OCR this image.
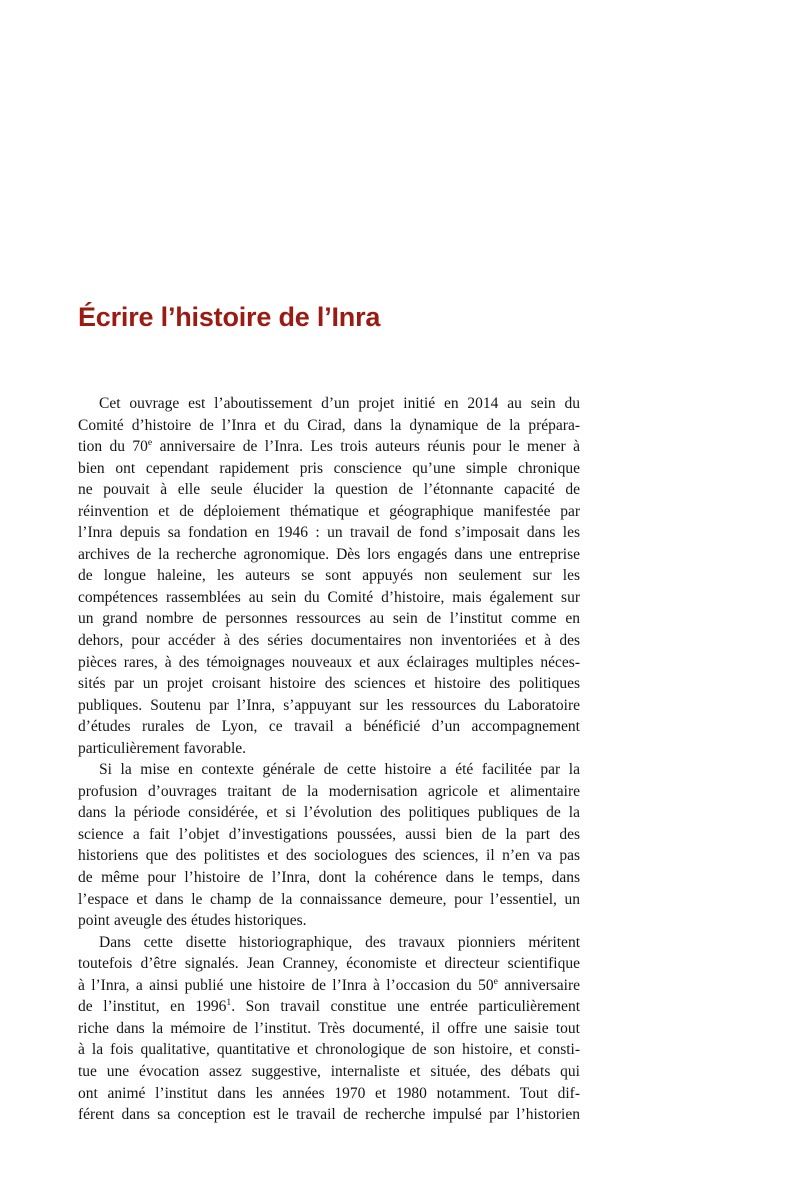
Écrire l’histoire de l’Inra
Cet ouvrage est l’aboutissement d’un projet initié en 2014 au sein du
Comité d’histoire de l’Inra et du Cirad, dans la dynamique de la prépara-
tion du 70e anniversaire de l’Inra. Les trois auteurs réunis pour le mener à
bien ont cependant rapidement pris conscience qu’une simple chronique
ne pouvait à elle seule élucider la question de l’étonnante capacité de
réinvention et de déploiement thématique et géographique manifestée par
l’Inra depuis sa fondation en 1946 : un travail de fond s’imposait dans les
archives de la recherche agronomique. Dès lors engagés dans une entreprise
de longue haleine, les auteurs se sont appuyés non seulement sur les
compétences rassemblées au sein du Comité d’histoire, mais également sur
un grand nombre de personnes ressources au sein de l’institut comme en
dehors, pour accéder à des séries documentaires non inventoriées et à des
pièces rares, à des témoignages nouveaux et aux éclairages multiples néces-
sités par un projet croisant histoire des sciences et histoire des politiques
publiques. Soutenu par l’Inra, s’appuyant sur les ressources du Laboratoire
d’études rurales de Lyon, ce travail a bénéficié d’un accompagnement
particulièrement favorable.
Si la mise en contexte générale de cette histoire a été facilitée par la
profusion d’ouvrages traitant de la modernisation agricole et alimentaire
dans la période considérée, et si l’évolution des politiques publiques de la
science a fait l’objet d’investigations poussées, aussi bien de la part des
historiens que des politistes et des sociologues des sciences, il n’en va pas
de même pour l’histoire de l’Inra, dont la cohérence dans le temps, dans
l’espace et dans le champ de la connaissance demeure, pour l’essentiel, un
point aveugle des études historiques.
Dans cette disette historiographique, des travaux pionniers méritent
toutefois d’être signalés. Jean Cranney, économiste et directeur scientifique
à l’Inra, a ainsi publié une histoire de l’Inra à l’occasion du 50e anniversaire
de l’institut, en 1996$^1$. Son travail constitue une entrée particulièrement
riche dans la mémoire de l’institut. Très documenté, il offre une saisie tout
à la fois qualitative, quantitative et chronologique de son histoire, et consti-
tue une évocation assez suggestive, internaliste et située, des débats qui
ont animé l’institut dans les années 1970 et 1980 notamment. Tout dif-
férent dans sa conception est le travail de recherche impulsé par l’historien
